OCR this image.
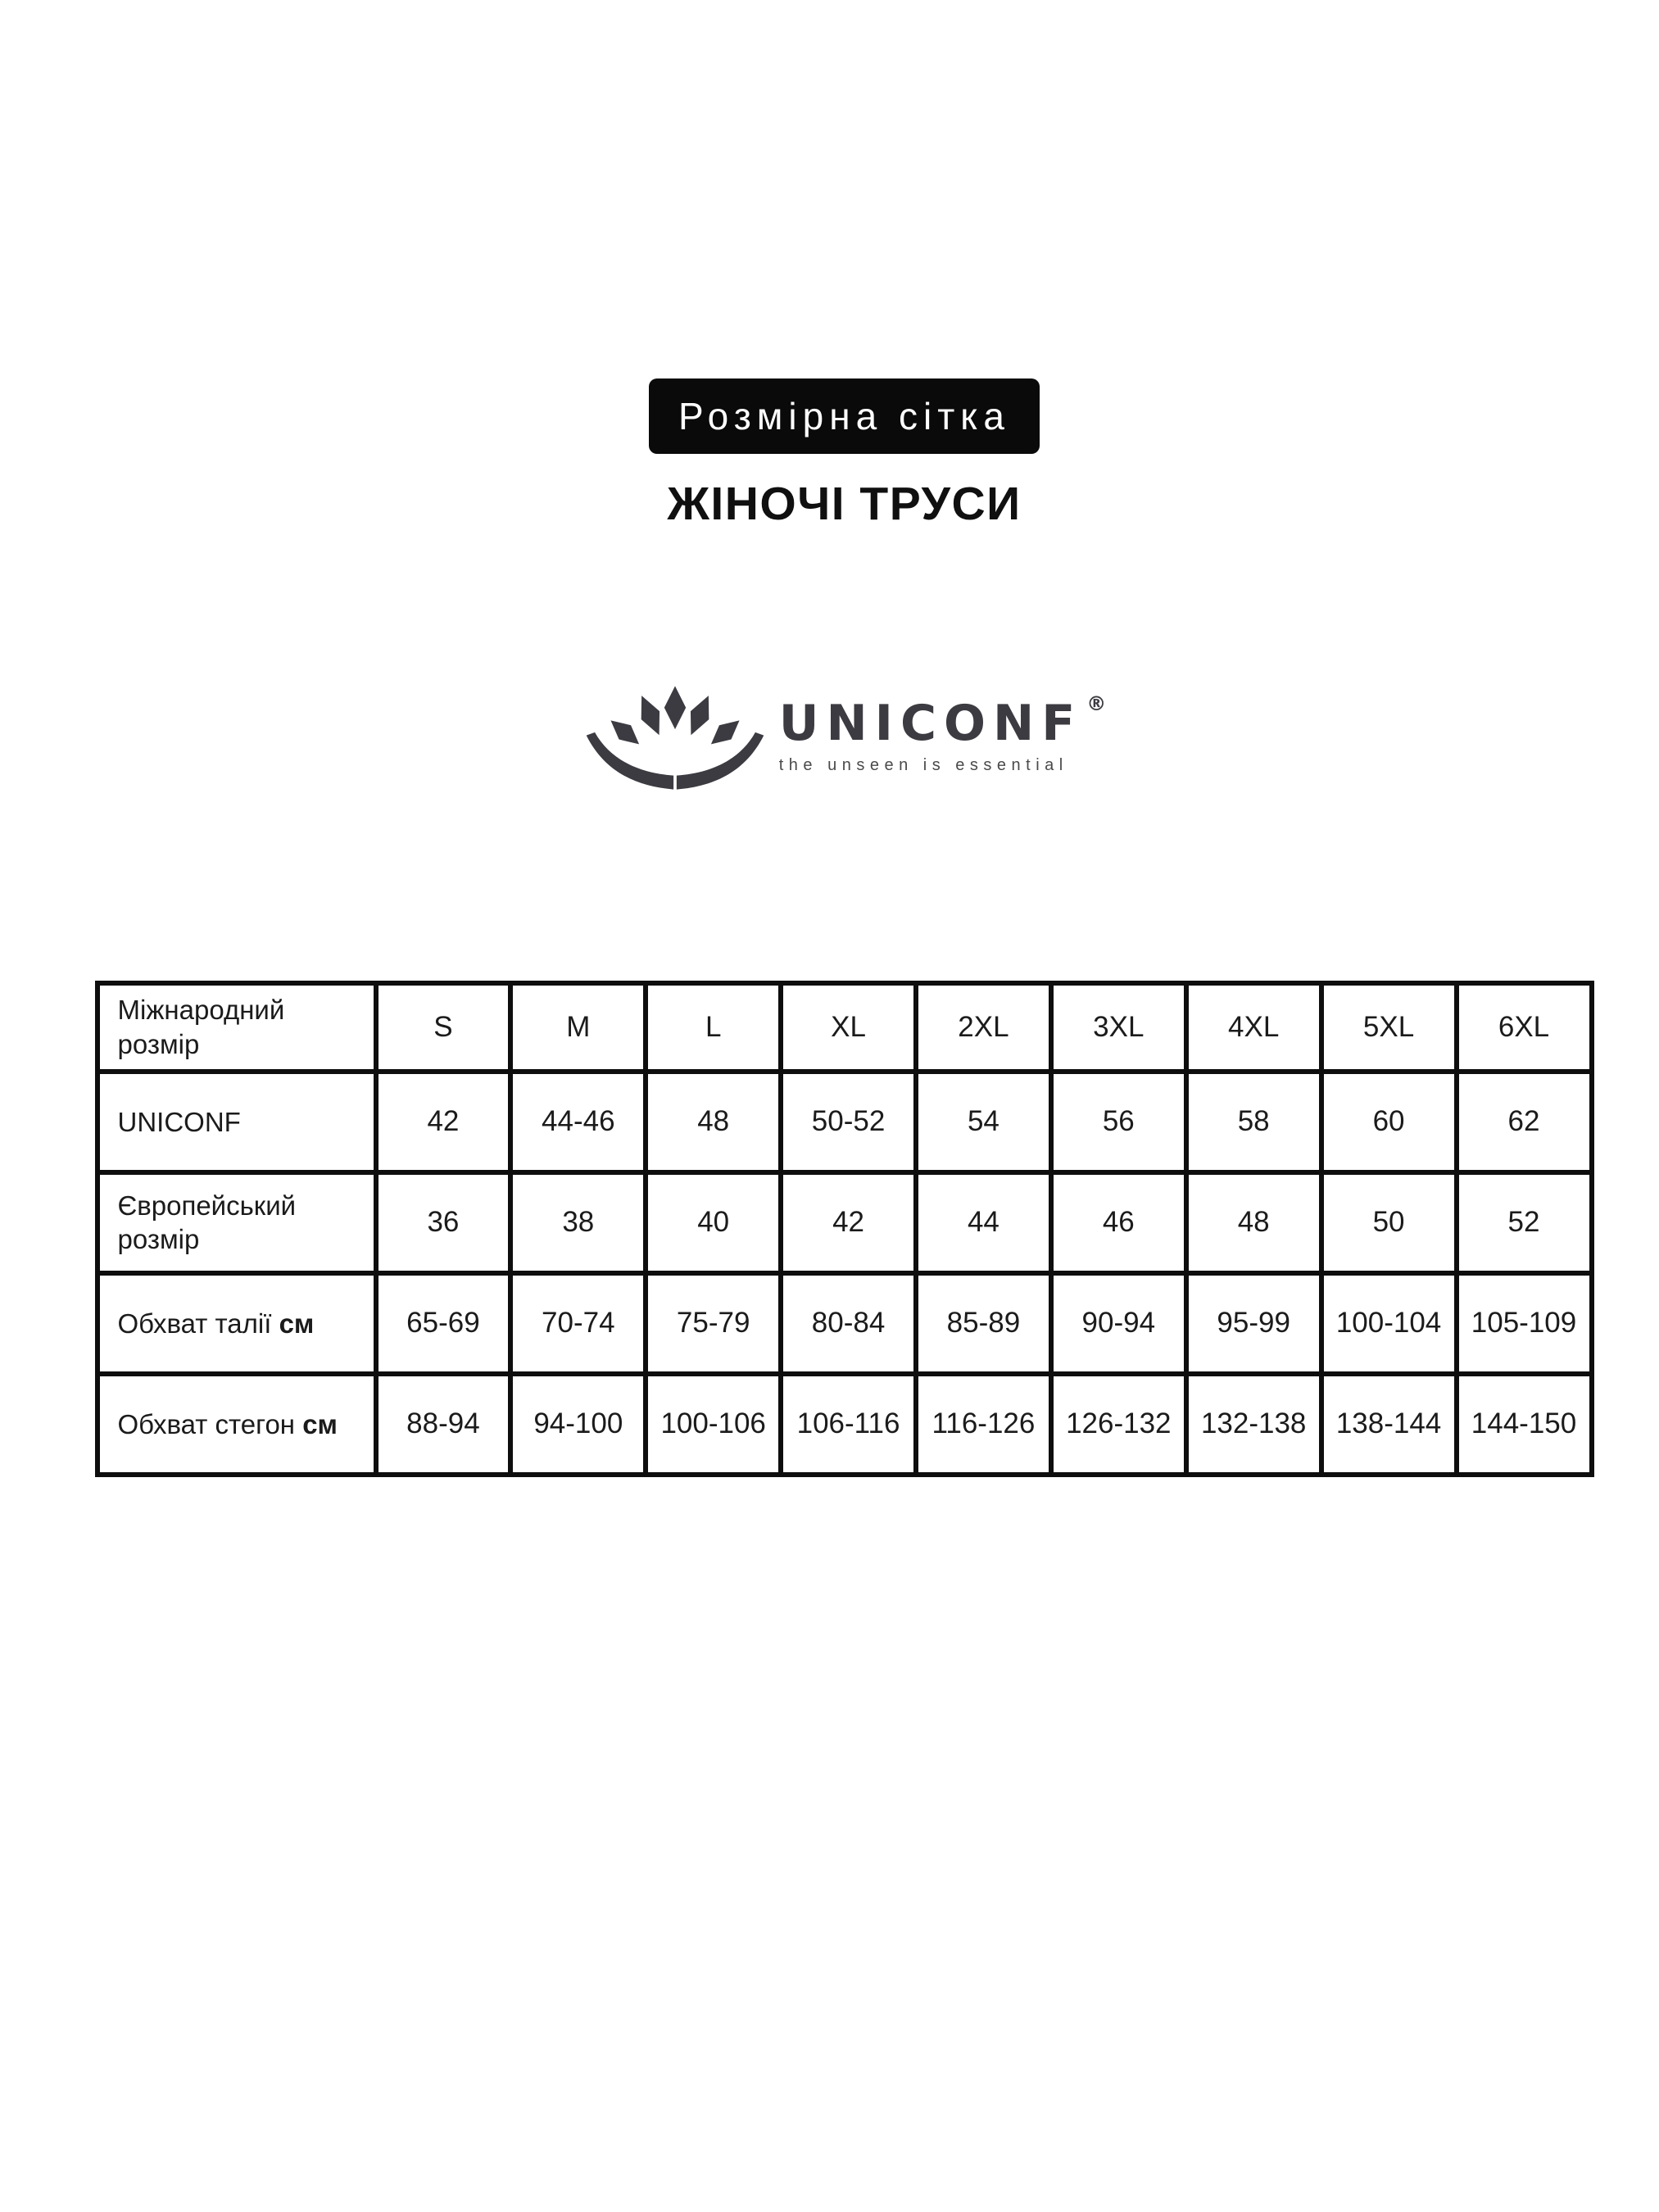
Розмірна сітка
ЖІНОЧІ ТРУСИ
UNICONF ®
the unseen is essential
Міжнародний розмір	S	M	L	XL	2XL	3XL	4XL	5XL	6XL
UNICONF	42	44-46	48	50-52	54	56	58	60	62
Європейський розмір	36	38	40	42	44	46	48	50	52
Обхват талії см	65-69	70-74	75-79	80-84	85-89	90-94	95-99	100-104	105-109
Обхват стегон см	88-94	94-100	100-106	106-116	116-126	126-132	132-138	138-144	144-150
